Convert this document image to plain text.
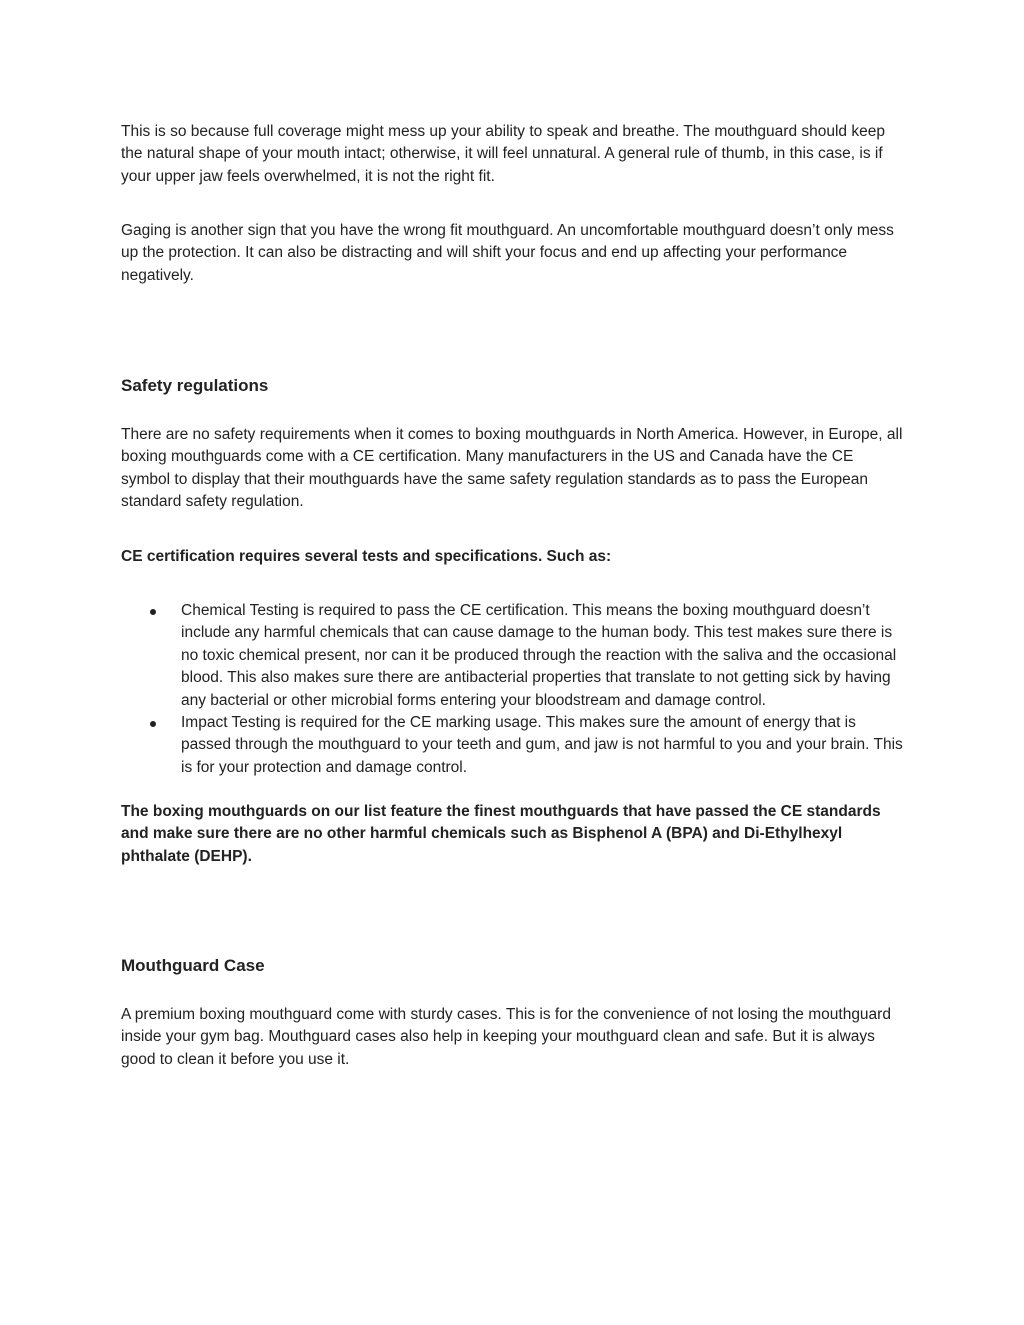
This is so because full coverage might mess up your ability to speak and breathe. The mouthguard should keep the natural shape of your mouth intact; otherwise, it will feel unnatural. A general rule of thumb, in this case, is if your upper jaw feels overwhelmed, it is not the right fit.

Gaging is another sign that you have the wrong fit mouthguard. An uncomfortable mouthguard doesn’t only mess up the protection. It can also be distracting and will shift your focus and end up affecting your performance negatively.

Safety regulations

There are no safety requirements when it comes to boxing mouthguards in North America. However, in Europe, all boxing mouthguards come with a CE certification. Many manufacturers in the US and Canada have the CE symbol to display that their mouthguards have the same safety regulation standards as to pass the European standard safety regulation.

CE certification requires several tests and specifications. Such as:

Chemical Testing is required to pass the CE certification. This means the boxing mouthguard doesn’t include any harmful chemicals that can cause damage to the human body. This test makes sure there is no toxic chemical present, nor can it be produced through the reaction with the saliva and the occasional blood. This also makes sure there are antibacterial properties that translate to not getting sick by having any bacterial or other microbial forms entering your bloodstream and damage control.
Impact Testing is required for the CE marking usage. This makes sure the amount of energy that is passed through the mouthguard to your teeth and gum, and jaw is not harmful to you and your brain. This is for your protection and damage control.

The boxing mouthguards on our list feature the finest mouthguards that have passed the CE standards and make sure there are no other harmful chemicals such as Bisphenol A (BPA) and Di-Ethylhexyl phthalate (DEHP).

Mouthguard Case

A premium boxing mouthguard come with sturdy cases. This is for the convenience of not losing the mouthguard inside your gym bag. Mouthguard cases also help in keeping your mouthguard clean and safe. But it is always good to clean it before you use it.
